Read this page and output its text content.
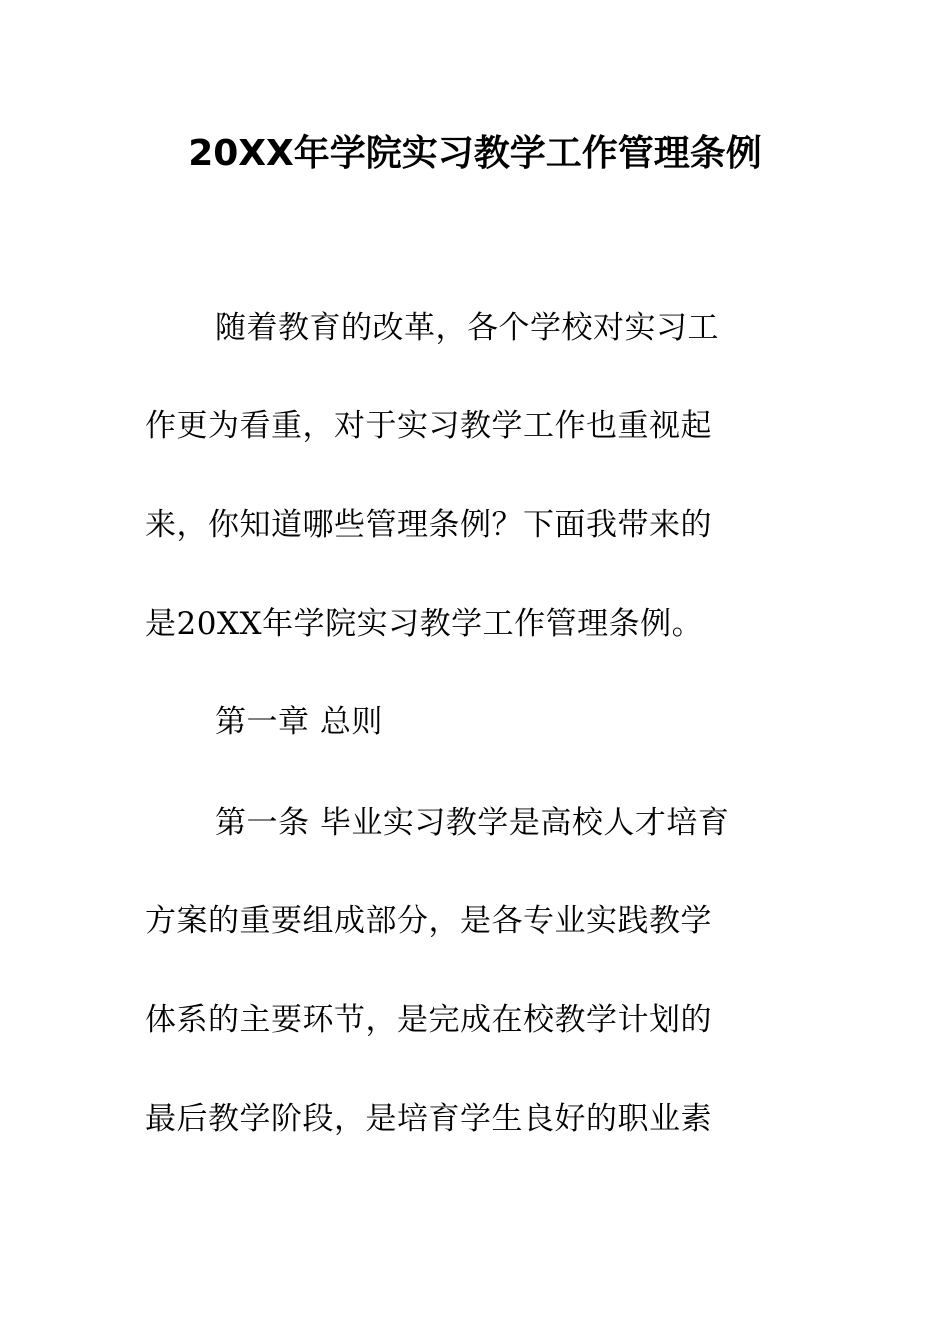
20XX年学院实习教学工作管理条例
随着教育的改革，各个学校对实习工
作更为看重，对于实习教学工作也重视起
来，你知道哪些管理条例？下面我带来的
是20XX年学院实习教学工作管理条例。
第一章 总则
第一条 毕业实习教学是高校人才培育
方案的重要组成部分，是各专业实践教学
体系的主要环节，是完成在校教学计划的
最后教学阶段，是培育学生良好的职业素
